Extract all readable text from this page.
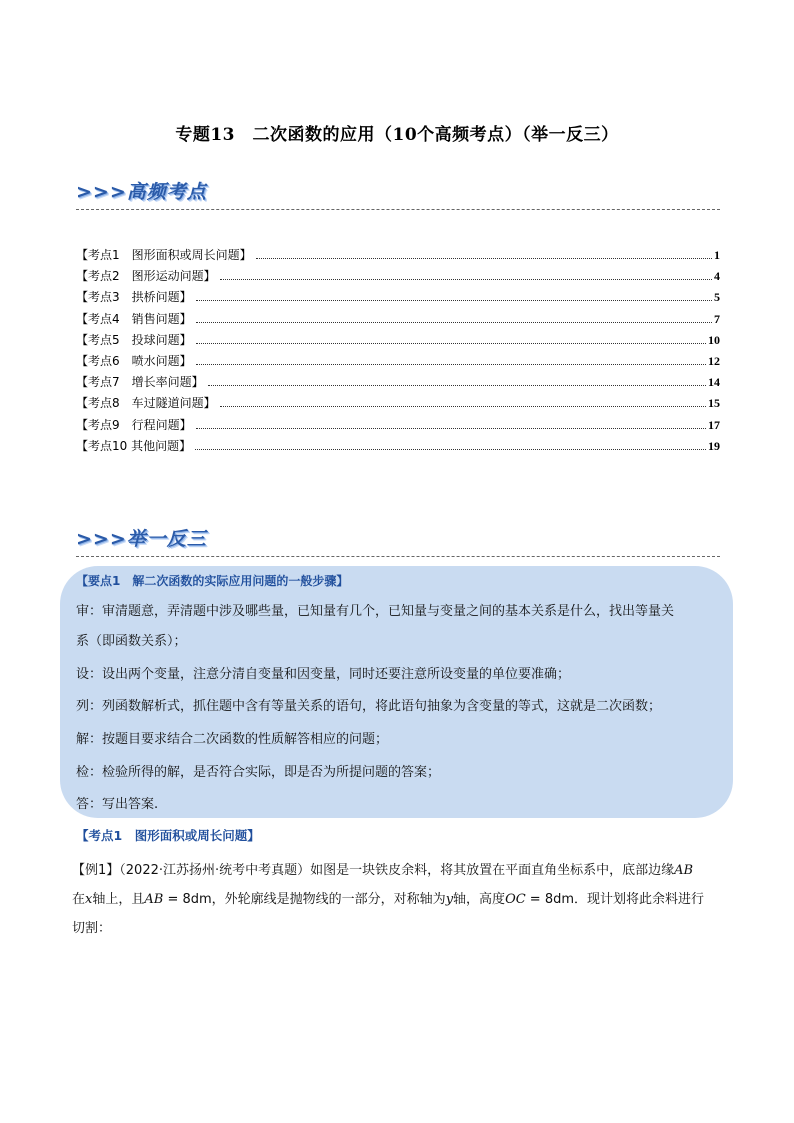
专题13　二次函数的应用（10个高频考点）（举一反三）
>>>高频考点
【考点1　图形面积或周长问题】	1
【考点2　图形运动问题】	4
【考点3　拱桥问题】	5
【考点4　销售问题】	7
【考点5　投球问题】	10
【考点6　喷水问题】	12
【考点7　增长率问题】	14
【考点8　车过隧道问题】	15
【考点9　行程问题】	17
【考点10 其他问题】	19
>>>举一反三
【要点1　解二次函数的实际应用问题的一般步骤】
审：审清题意，弄清题中涉及哪些量，已知量有几个，已知量与变量之间的基本关系是什么，找出等量关
系（即函数关系）；
设：设出两个变量，注意分清自变量和因变量，同时还要注意所设变量的单位要准确；
列：列函数解析式，抓住题中含有等量关系的语句，将此语句抽象为含变量的等式，这就是二次函数；
解：按题目要求结合二次函数的性质解答相应的问题；
检：检验所得的解，是否符合实际，即是否为所提问题的答案；
答：写出答案.
【考点1　图形面积或周长问题】
【例1】（2022·江苏扬州·统考中考真题）如图是一块铁皮余料，将其放置在平面直角坐标系中，底部边缘AB
在x轴上，且AB = 8dm，外轮廓线是抛物线的一部分，对称轴为y轴，高度OC = 8dm．现计划将此余料进行
切割：
